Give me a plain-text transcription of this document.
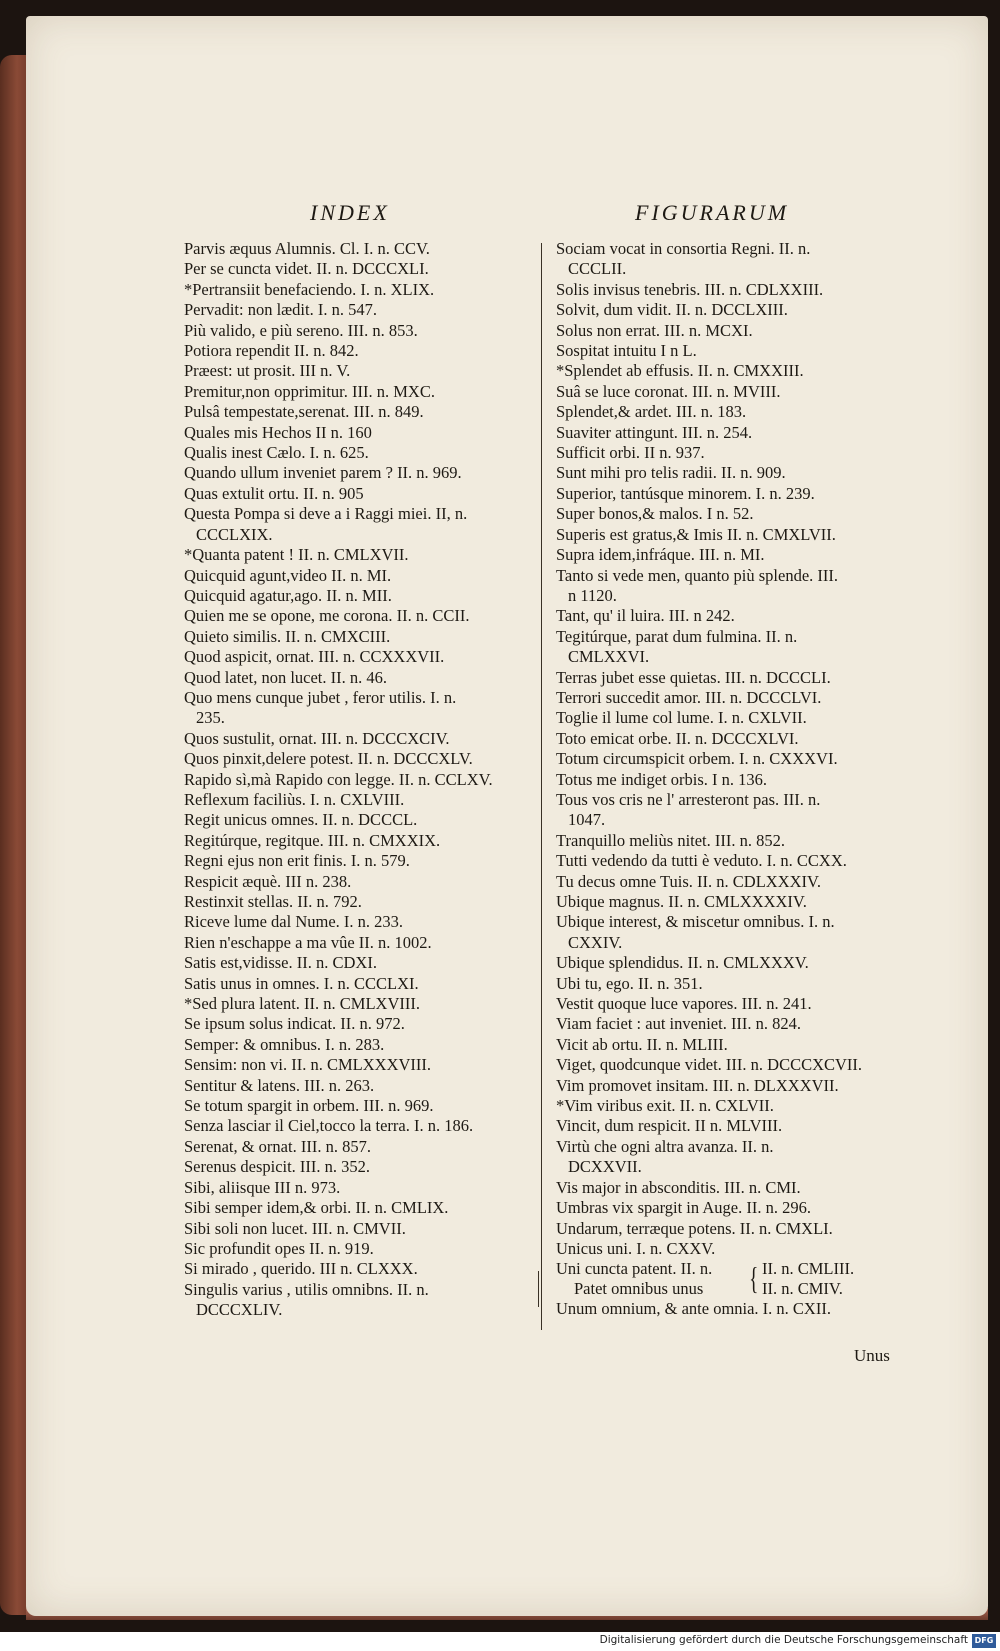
INDEX	FIGURARUM
Parvis æquus Alumnis. Cl. I. n. CCV.
Per se cuncta videt. II. n. DCCCXLI.
*Pertransiit benefaciendo. I. n. XLIX.
Pervadit: non lædit. I. n. 547.
Più valido, e più sereno. III. n. 853.
Potiora rependit II. n. 842.
Præest: ut prosit. III n. V.
Premitur,non opprimitur. III. n. MXC.
Pulsâ tempestate,serenat. III. n. 849.
Quales mis Hechos II n. 160
Qualis inest Cælo. I. n. 625.
Quando ullum inveniet parem ? II. n. 969.
Quas extulit ortu. II. n. 905
Questa Pompa si deve a i Raggi miei. II, n.
CCCLXIX.
*Quanta patent ! II. n. CMLXVII.
Quicquid agunt,video II. n. MI.
Quicquid agatur,ago. II. n. MII.
Quien me se opone, me corona. II. n. CCII.
Quieto similis. II. n. CMXCIII.
Quod aspicit, ornat. III. n. CCXXXVII.
Quod latet, non lucet. II. n. 46.
Quo mens cunque jubet , feror utilis. I. n.
235.
Quos sustulit, ornat. III. n. DCCCXCIV.
Quos pinxit,delere potest. II. n. DCCCXLV.
Rapido sì,mà Rapido con legge. II. n. CCLXV.
Reflexum faciliùs. I. n. CXLVIII.
Regit unicus omnes. II. n. DCCCL.
Regitúrque, regitque. III. n. CMXXIX.
Regni ejus non erit finis. I. n. 579.
Respicit æquè. III n. 238.
Restinxit stellas. II. n. 792.
Riceve lume dal Nume. I. n. 233.
Rien n'eschappe a ma vûe II. n. 1002.
Satis est,vidisse. II. n. CDXI.
Satis unus in omnes. I. n. CCCLXI.
*Sed plura latent. II. n. CMLXVIII.
Se ipsum solus indicat. II. n. 972.
Semper: & omnibus. I. n. 283.
Sensim: non vi. II. n. CMLXXXVIII.
Sentitur & latens. III. n. 263.
Se totum spargit in orbem. III. n. 969.
Senza lasciar il Ciel,tocco la terra. I. n. 186.
Serenat, & ornat. III. n. 857.
Serenus despicit. III. n. 352.
Sibi, aliisque III n. 973.
Sibi semper idem,& orbi. II. n. CMLIX.
Sibi soli non lucet. III. n. CMVII.
Sic profundit opes II. n. 919.
Si mirado , querido. III n. CLXXX.
Singulis varius , utilis omnibns. II. n.
DCCCXLIV.
Sociam vocat in consortia Regni. II. n.
CCCLII.
Solis invisus tenebris. III. n. CDLXXIII.
Solvit, dum vidit. II. n. DCCLXIII.
Solus non errat. III. n. MCXI.
Sospitat intuitu I n L.
*Splendet ab effusis. II. n. CMXXIII.
Suâ se luce coronat. III. n. MVIII.
Splendet,& ardet. III. n. 183.
Suaviter attingunt. III. n. 254.
Sufficit orbi. II n. 937.
Sunt mihi pro telis radii. II. n. 909.
Superior, tantúsque minorem. I. n. 239.
Super bonos,& malos. I n. 52.
Superis est gratus,& Imis II. n. CMXLVII.
Supra idem,infráque. III. n. MI.
Tanto si vede men, quanto più splende. III.
n 1120.
Tant, qu' il luira. III. n 242.
Tegitúrque, parat dum fulmina. II. n.
CMLXXVI.
Terras jubet esse quietas. III. n. DCCCLI.
Terrori succedit amor. III. n. DCCCLVI.
Toglie il lume col lume. I. n. CXLVII.
Toto emicat orbe. II. n. DCCCXLVI.
Totum circumspicit orbem. I. n. CXXXVI.
Totus me indiget orbis. I n. 136.
Tous vos cris ne l' arresteront pas. III. n.
1047.
Tranquillo meliùs nitet. III. n. 852.
Tutti vedendo da tutti è veduto. I. n. CCXX.
Tu decus omne Tuis. II. n. CDLXXXIV.
Ubique magnus. II. n. CMLXXXXIV.
Ubique interest, & miscetur omnibus. I. n.
CXXIV.
Ubique splendidus. II. n. CMLXXXV.
Ubi tu, ego. II. n. 351.
Vestit quoque luce vapores. III. n. 241.
Viam faciet : aut inveniet. III. n. 824.
Vicit ab ortu. II. n. MLIII.
Viget, quodcunque videt. III. n. DCCCXCVII.
Vim promovet insitam. III. n. DLXXXVII.
*Vim viribus exit. II. n. CXLVII.
Vincit, dum respicit. II n. MLVIII.
Virtù che ogni altra avanza. II. n.
DCXXVII.
Vis major in absconditis. III. n. CMI.
Umbras vix spargit in Auge. II. n. 296.
Undarum, terræque potens. II. n. CMXLI.
Unicus uni. I. n. CXXV.
Uni cuncta patent. II. n.
Patet omnibus unus { II. n. CMLIII.
II. n. CMIV.
Unum omnium, & ante omnia. I. n. CXII.
Unus
Digitalisierung gefördert durch die Deutsche Forschungsgemeinschaft DFG
